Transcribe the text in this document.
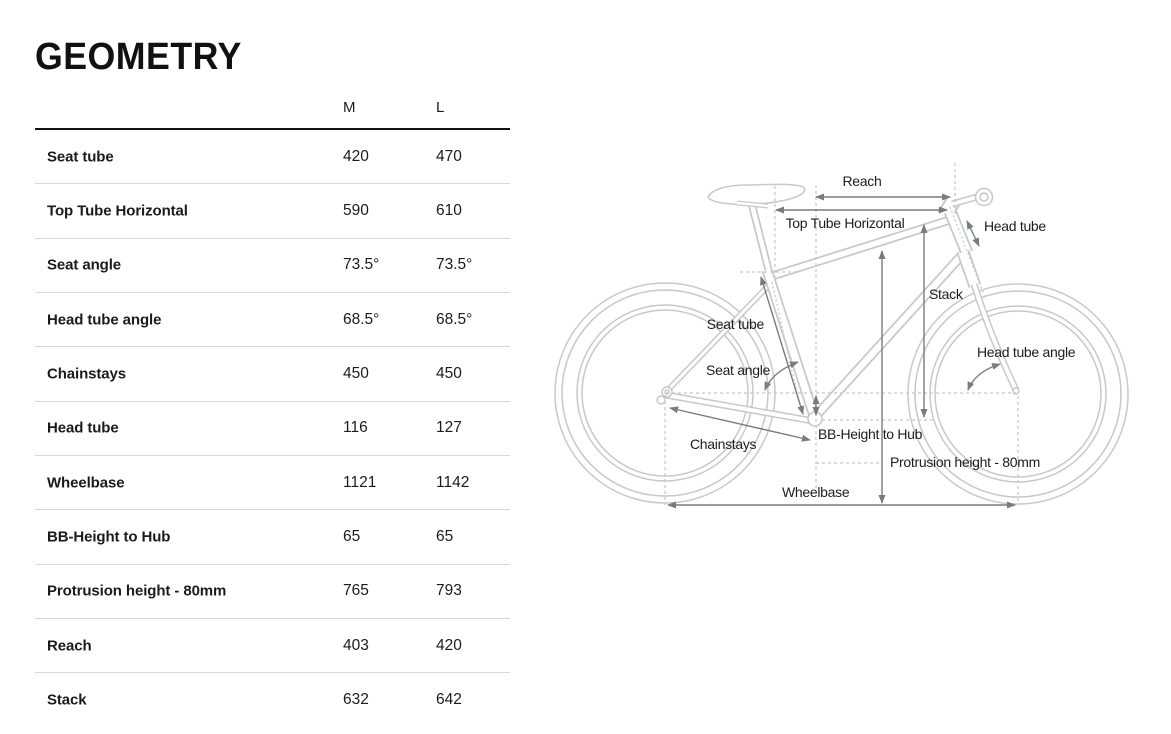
GEOMETRY
M	L
Seat tube	420	470
Top Tube Horizontal	590	610
Seat angle	73.5°	73.5°
Head tube angle	68.5°	68.5°
Chainstays	450	450
Head tube	116	127
Wheelbase	1121	1142
BB-Height to Hub	65	65
Protrusion height - 80mm	765	793
Reach	403	420
Stack	632	642
Reach
Top Tube Horizontal	Head tube
Stack
Seat tube
Seat angle
Head tube angle
Chainstays
BB-Height to Hub
Protrusion height - 80mm
Wheelbase
